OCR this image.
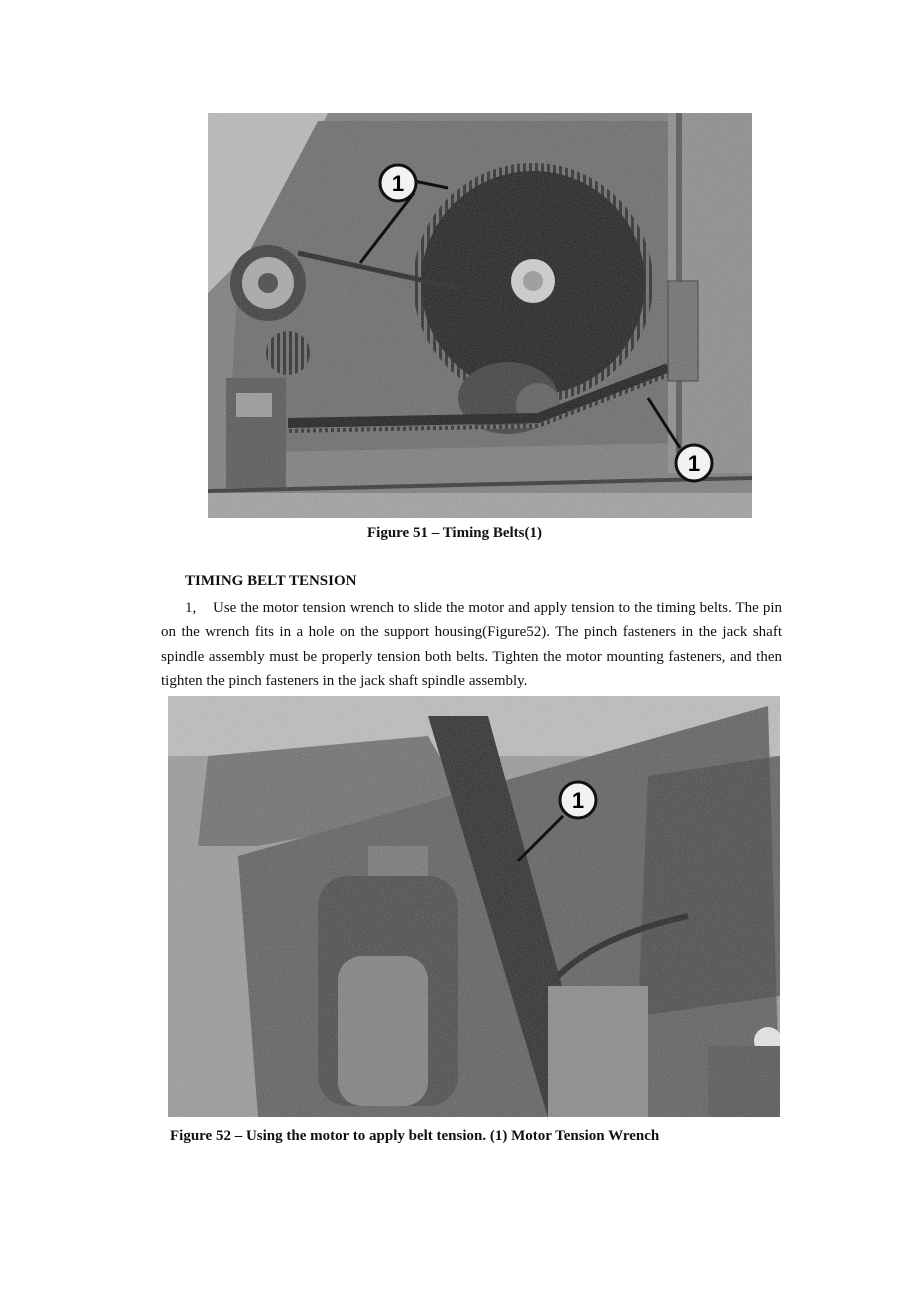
1
1
Figure 51 – Timing Belts(1)
TIMING BELT TENSION
1, Use the motor tension wrench to slide the motor and apply tension to the timing belts. The pin on the wrench fits in a hole on the support housing(Figure52). The pinch fasteners in the jack shaft spindle assembly must be properly tension both belts. Tighten the motor mounting fasteners, and then tighten the pinch fasteners in the jack shaft spindle assembly.
1
Figure 52 – Using the motor to apply belt tension. (1) Motor Tension Wrench
